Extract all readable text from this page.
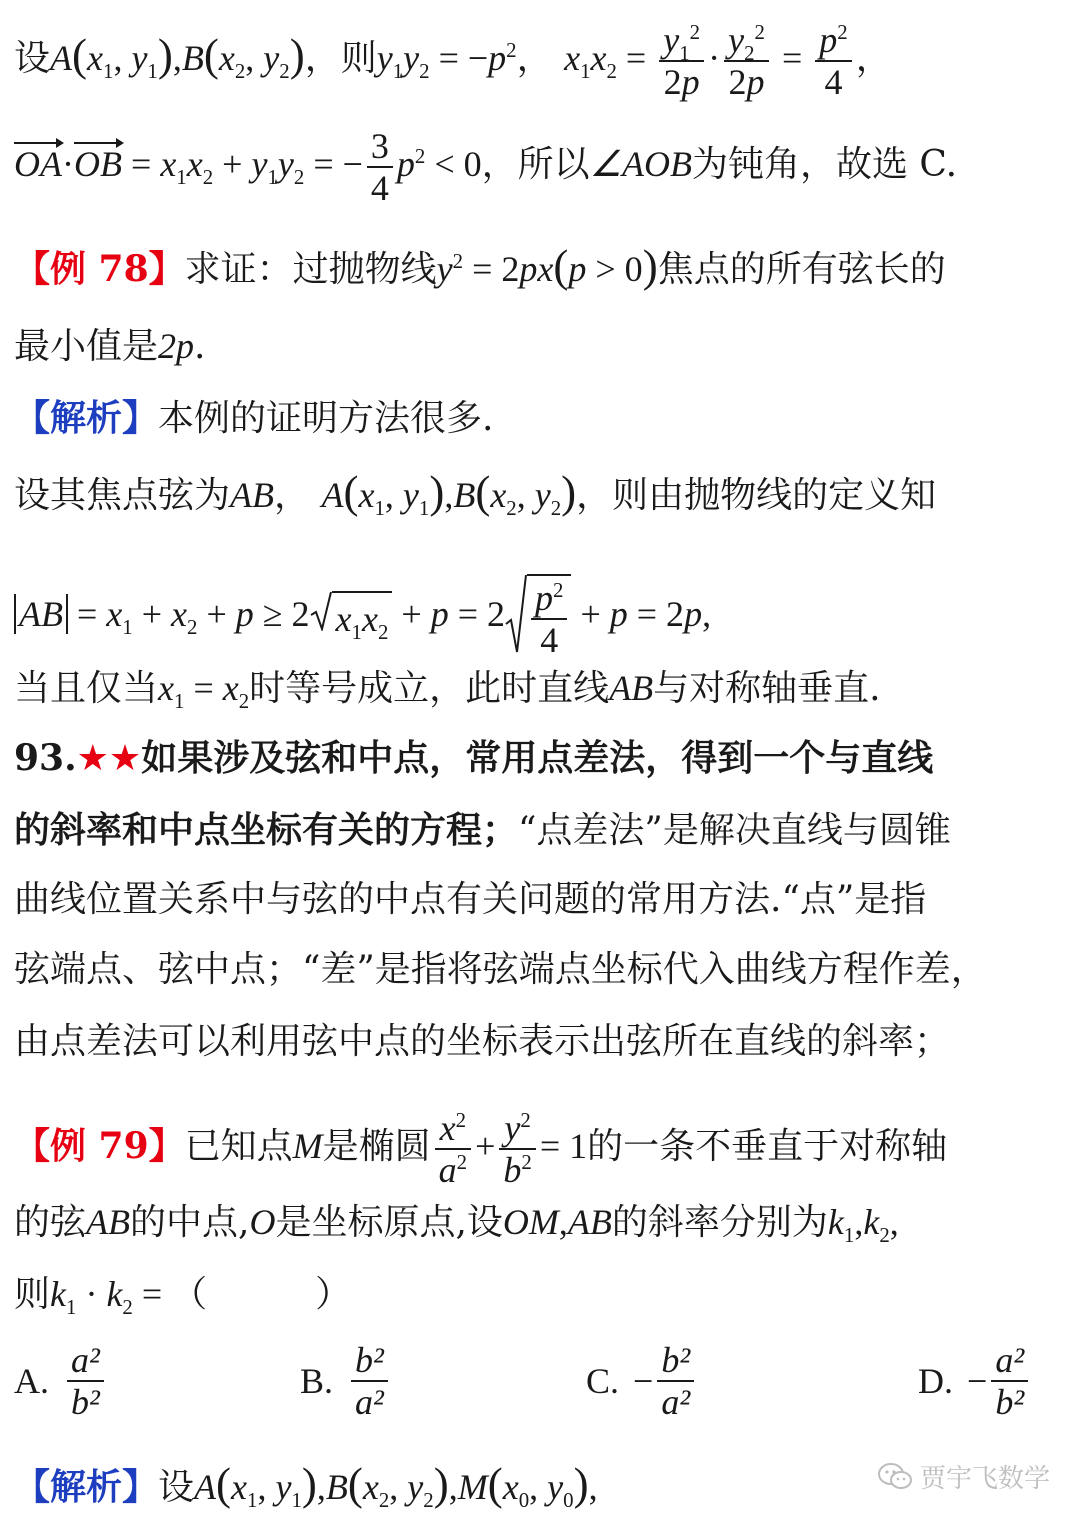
设$A(x_1$, $y_1),B(x_2$, $y_2$)，则$y_1y_2 = -p^2$， $x_1x_2 = \frac{y_1^2}{2p} \cdot \frac{y_2^2}{2p} = \frac{p^2}{4}$ ，
$OA\cdot OB = x_1x_2 + y_1y_2$ = − $\frac{3}{4} p^2 < 0$，所以∠AOB为钝角，故选 C.
【例 78】求证：过抛物线$y^2 = 2px(p > 0)$焦点的所有弦长的
最小值是2p.
【解析】本例的证明方法很多.
设其焦点弦为AB， $A(x_1$, $y_1),B(x_2$, $y_2$)，则由抛物线的定义知
AB = $x_1 + x_2 + p \ge 2$ $x_1x_2 + p = 2 \frac{p^2}{4} + p = 2p$,
当且仅当$x_1 = x_2$时等号成立，此时直线AB与对称轴垂直.
93.★★如果涉及弦和中点，常用点差法，得到一个与直线
的斜率和中点坐标有关的方程；“点差法”是解决直线与圆锥
曲线位置关系中与弦的中点有关问题的常用方法.“点”是指
弦端点、弦中点；“差”是指将弦端点坐标代入曲线方程作差，
由点差法可以利用弦中点的坐标表示出弦所在直线的斜率；
【例 79】已知点M是椭圆 $\frac{x^2}{a^2} + \frac{y^2}{b^2} = 1$的一条不垂直于对称轴
的弦AB的中点,O是坐标原点,设OM,AB的斜率分别为$k_1,k_2$,
则$k_1 \cdot k_2$ = （　　　）
A. $\frac{\text{a²}}{\text{b²}}$	B. $\frac{\text{b²}}{\text{a²}}$	C. − $\frac{\text{b²}}{\text{a²}}$	D. − $\frac{\text{a²}}{\text{b²}}$
【解析】设$A(x_1$, $y_1),B(x_2$, $y_2),M(x_0$, $y_0$),	贾宇飞数学
